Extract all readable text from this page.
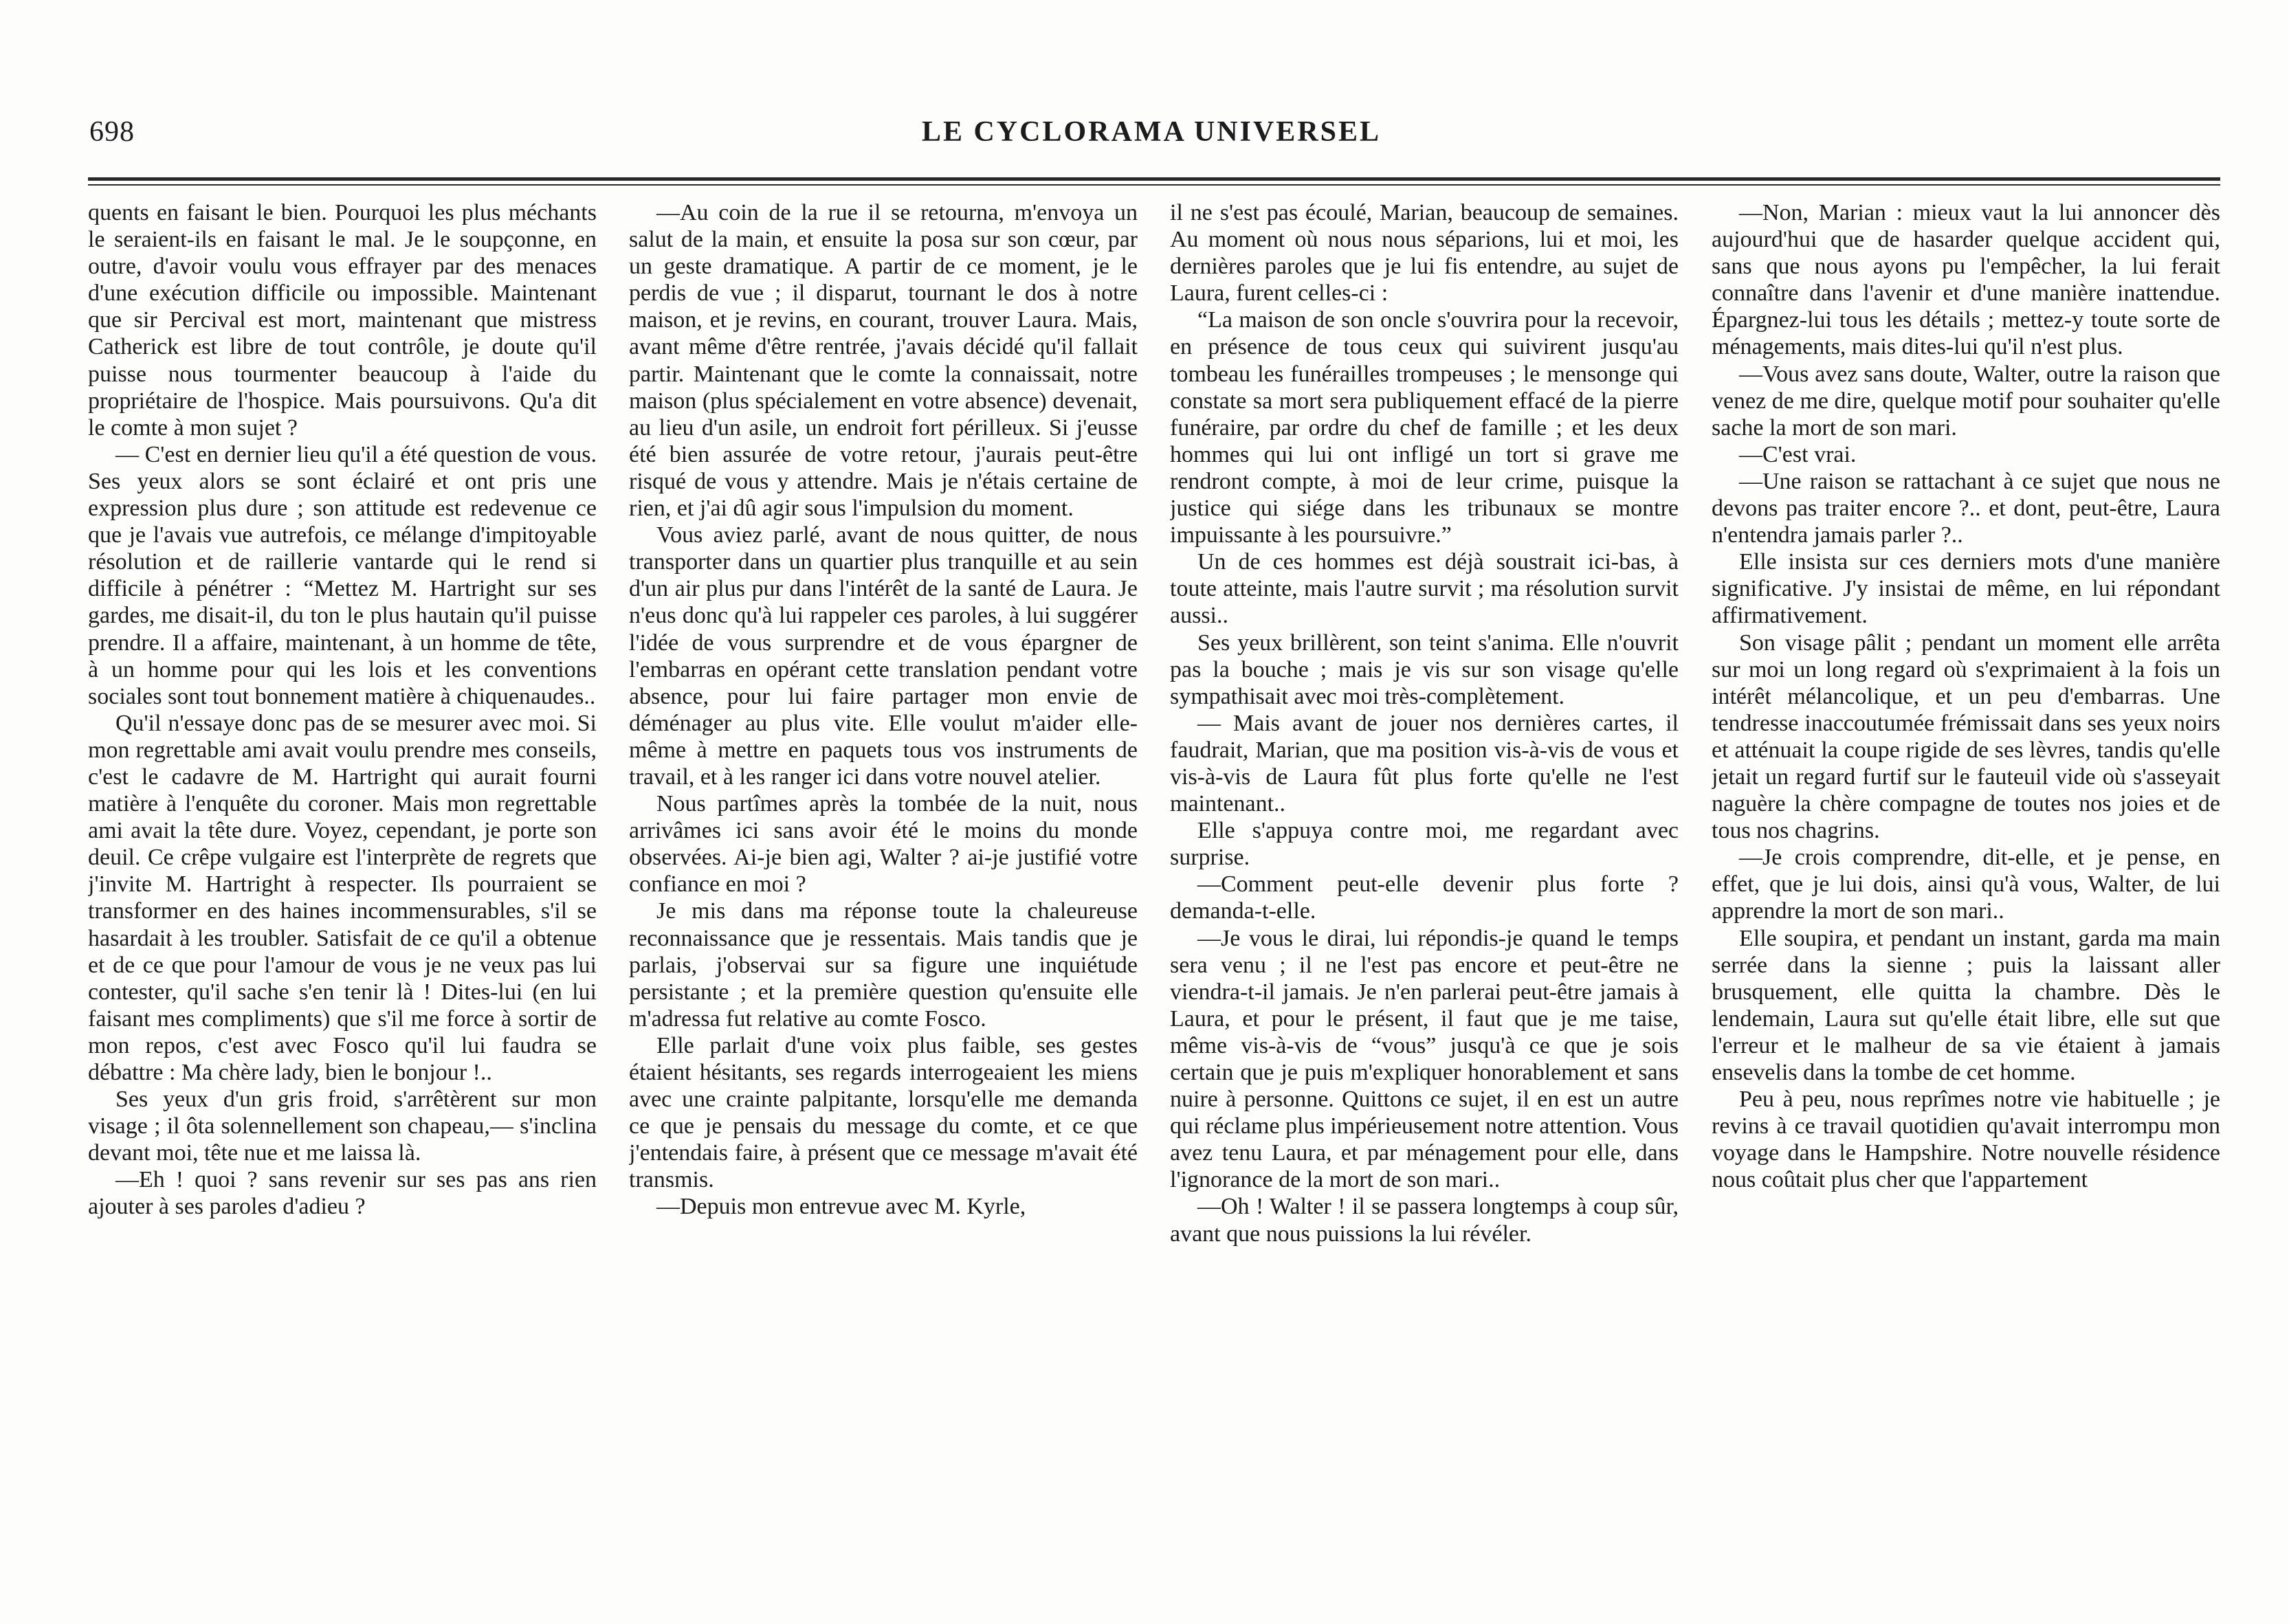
698	LE CYCLORAMA UNIVERSEL

quents en faisant le bien. Pourquoi les plus méchants le seraient-ils en faisant le mal. Je le soupçonne, en outre, d'avoir voulu vous effrayer par des menaces d'une exécution difficile ou impossible. Maintenant que sir Percival est mort, maintenant que mistress Catherick est libre de tout contrôle, je doute qu'il puisse nous tourmenter beaucoup à l'aide du propriétaire de l'hospice. Mais poursuivons. Qu'a dit le comte à mon sujet ?

— C'est en dernier lieu qu'il a été question de vous. Ses yeux alors se sont éclairé et ont pris une expression plus dure ; son attitude est redevenue ce que je l'avais vue autrefois, ce mélange d'impitoyable résolution et de raillerie vantarde qui le rend si difficile à pénétrer : “Mettez M. Hartright sur ses gardes, me disait-il, du ton le plus hautain qu'il puisse prendre. Il a affaire, maintenant, à un homme de tête, à un homme pour qui les lois et les conventions sociales sont tout bonnement matière à chiquenaudes..

Qu'il n'essaye donc pas de se mesurer avec moi. Si mon regrettable ami avait voulu prendre mes conseils, c'est le cadavre de M. Hartright qui aurait fourni matière à l'enquête du coroner. Mais mon regrettable ami avait la tête dure. Voyez, cependant, je porte son deuil. Ce crêpe vulgaire est l'interprète de regrets que j'invite M. Hartright à respecter. Ils pourraient se transformer en des haines incommensurables, s'il se hasardait à les troubler. Satisfait de ce qu'il a obtenue et de ce que pour l'amour de vous je ne veux pas lui contester, qu'il sache s'en tenir là ! Dites-lui (en lui faisant mes compliments) que s'il me force à sortir de mon repos, c'est avec Fosco qu'il lui faudra se débattre : Ma chère lady, bien le bonjour !..

Ses yeux d'un gris froid, s'arrêtèrent sur mon visage ; il ôta solennellement son chapeau,— s'inclina devant moi, tête nue et me laissa là.

—Eh ! quoi ? sans revenir sur ses pas ans rien ajouter à ses paroles d'adieu ?

—Au coin de la rue il se retourna, m'envoya un salut de la main, et ensuite la posa sur son cœur, par un geste dramatique. A partir de ce moment, je le perdis de vue ; il disparut, tournant le dos à notre maison, et je revins, en courant, trouver Laura. Mais, avant même d'être rentrée, j'avais décidé qu'il fallait partir. Maintenant que le comte la connaissait, notre maison (plus spécialement en votre absence) devenait, au lieu d'un asile, un endroit fort périlleux. Si j'eusse été bien assurée de votre retour, j'aurais peut-être risqué de vous y attendre. Mais je n'étais certaine de rien, et j'ai dû agir sous l'impulsion du moment.

Vous aviez parlé, avant de nous quitter, de nous transporter dans un quartier plus tranquille et au sein d'un air plus pur dans l'intérêt de la santé de Laura. Je n'eus donc qu'à lui rappeler ces paroles, à lui suggérer l'idée de vous surprendre et de vous épargner de l'embarras en opérant cette translation pendant votre absence, pour lui faire partager mon envie de déménager au plus vite. Elle voulut m'aider elle-même à mettre en paquets tous vos instruments de travail, et à les ranger ici dans votre nouvel atelier.

Nous partîmes après la tombée de la nuit, nous arrivâmes ici sans avoir été le moins du monde observées. Ai-je bien agi, Walter ? ai-je justifié votre confiance en moi ?

Je mis dans ma réponse toute la chaleureuse reconnaissance que je ressentais. Mais tandis que je parlais, j'observai sur sa figure une inquiétude persistante ; et la première question qu'ensuite elle m'adressa fut relative au comte Fosco.

Elle parlait d'une voix plus faible, ses gestes étaient hésitants, ses regards interrogeaient les miens avec une crainte palpitante, lorsqu'elle me demanda ce que je pensais du message du comte, et ce que j'entendais faire, à présent que ce message m'avait été transmis.

—Depuis mon entrevue avec M. Kyrle,

il ne s'est pas écoulé, Marian, beaucoup de semaines. Au moment où nous nous séparions, lui et moi, les dernières paroles que je lui fis entendre, au sujet de Laura, furent celles-ci :

“La maison de son oncle s'ouvrira pour la recevoir, en présence de tous ceux qui suivirent jusqu'au tombeau les funérailles trompeuses ; le mensonge qui constate sa mort sera publiquement effacé de la pierre funéraire, par ordre du chef de famille ; et les deux hommes qui lui ont infligé un tort si grave me rendront compte, à moi de leur crime, puisque la justice qui siége dans les tribunaux se montre impuissante à les poursuivre.”

Un de ces hommes est déjà soustrait ici-bas, à toute atteinte, mais l'autre survit ; ma résolution survit aussi..

Ses yeux brillèrent, son teint s'anima. Elle n'ouvrit pas la bouche ; mais je vis sur son visage qu'elle sympathisait avec moi très-complètement.

— Mais avant de jouer nos dernières cartes, il faudrait, Marian, que ma position vis-à-vis de vous et vis-à-vis de Laura fût plus forte qu'elle ne l'est maintenant..

Elle s'appuya contre moi, me regardant avec surprise.

—Comment peut-elle devenir plus forte ? demanda-t-elle.

—Je vous le dirai, lui répondis-je quand le temps sera venu ; il ne l'est pas encore et peut-être ne viendra-t-il jamais. Je n'en parlerai peut-être jamais à Laura, et pour le présent, il faut que je me taise, même vis-à-vis de “vous” jusqu'à ce que je sois certain que je puis m'expliquer honorablement et sans nuire à personne. Quittons ce sujet, il en est un autre qui réclame plus impérieusement notre attention. Vous avez tenu Laura, et par ménagement pour elle, dans l'ignorance de la mort de son mari..

—Oh ! Walter ! il se passera longtemps à coup sûr, avant que nous puissions la lui révéler.

—Non, Marian : mieux vaut la lui annoncer dès aujourd'hui que de hasarder quelque accident qui, sans que nous ayons pu l'empêcher, la lui ferait connaître dans l'avenir et d'une manière inattendue. Épargnez-lui tous les détails ; mettez-y toute sorte de ménagements, mais dites-lui qu'il n'est plus.

—Vous avez sans doute, Walter, outre la raison que venez de me dire, quelque motif pour souhaiter qu'elle sache la mort de son mari.

—C'est vrai.

—Une raison se rattachant à ce sujet que nous ne devons pas traiter encore ?.. et dont, peut-être, Laura n'entendra jamais parler ?..

Elle insista sur ces derniers mots d'une manière significative. J'y insistai de même, en lui répondant affirmativement.

Son visage pâlit ; pendant un moment elle arrêta sur moi un long regard où s'exprimaient à la fois un intérêt mélancolique, et un peu d'embarras. Une tendresse inaccoutumée frémissait dans ses yeux noirs et atténuait la coupe rigide de ses lèvres, tandis qu'elle jetait un regard furtif sur le fauteuil vide où s'asseyait naguère la chère compagne de toutes nos joies et de tous nos chagrins.

—Je crois comprendre, dit-elle, et je pense, en effet, que je lui dois, ainsi qu'à vous, Walter, de lui apprendre la mort de son mari..

Elle soupira, et pendant un instant, garda ma main serrée dans la sienne ; puis la laissant aller brusquement, elle quitta la chambre. Dès le lendemain, Laura sut qu'elle était libre, elle sut que l'erreur et le malheur de sa vie étaient à jamais ensevelis dans la tombe de cet homme.

Peu à peu, nous reprîmes notre vie habituelle ; je revins à ce travail quotidien qu'avait interrompu mon voyage dans le Hampshire. Notre nouvelle résidence nous coûtait plus cher que l'appartement
